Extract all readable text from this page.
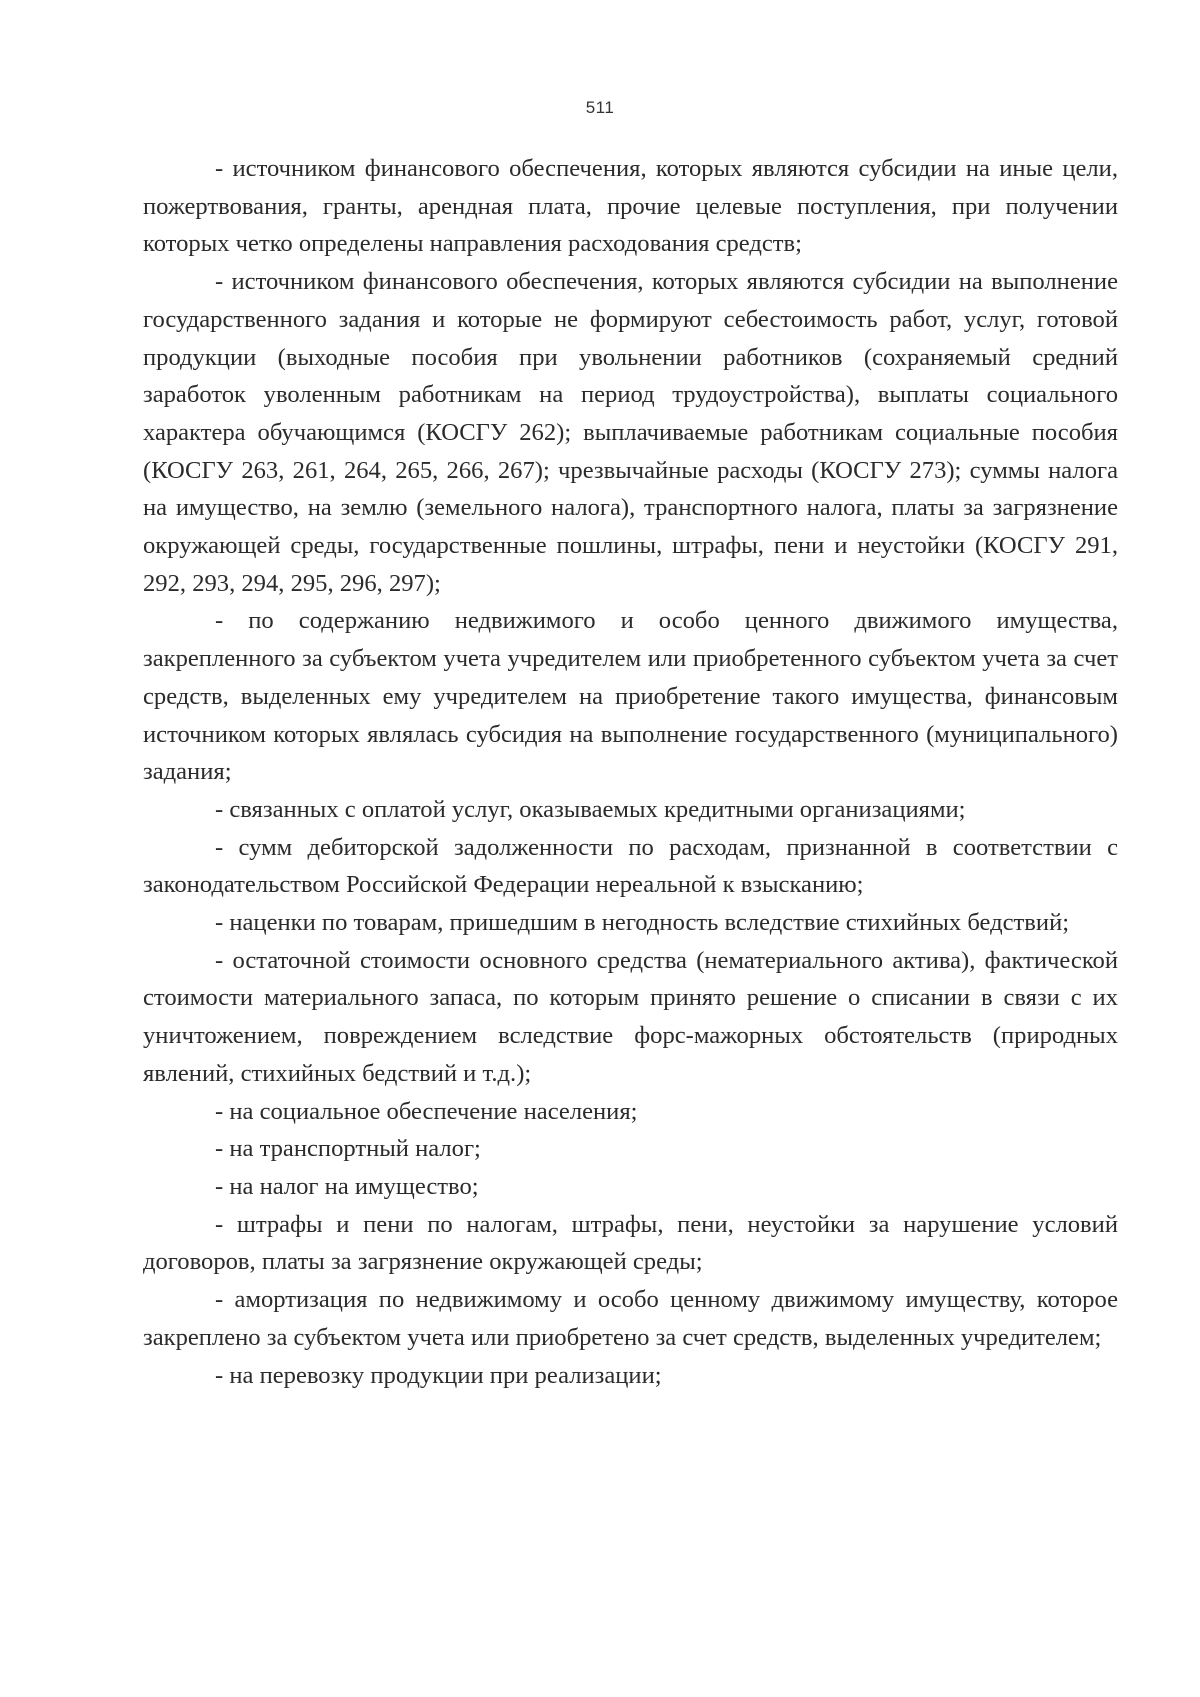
511

- источником финансового обеспечения, которых являются субсидии на иные цели, пожертвования, гранты, арендная плата, прочие целевые поступления, при получении которых четко определены направления расходования средств;

- источником финансового обеспечения, которых являются субсидии на выполнение государственного задания и которые не формируют себестоимость работ, услуг, готовой продукции (выходные пособия при увольнении работников (сохраняемый средний заработок уволенным работникам на период трудоустройства), выплаты социального характера обучающимся (КОСГУ 262); выплачиваемые работникам социальные пособия (КОСГУ 263, 261, 264, 265, 266, 267); чрезвычайные расходы (КОСГУ 273); суммы налога на имущество, на землю (земельного налога), транспортного налога, платы за загрязнение окружающей среды, государственные пошлины, штрафы, пени и неустойки (КОСГУ 291, 292, 293, 294, 295, 296, 297);

- по содержанию недвижимого и особо ценного движимого имущества, закрепленного за субъектом учета учредителем или приобретенного субъектом учета за счет средств, выделенных ему учредителем на приобретение такого имущества, финансовым источником которых являлась субсидия на выполнение государственного (муниципального) задания;

- связанных с оплатой услуг, оказываемых кредитными организациями;

- сумм дебиторской задолженности по расходам, признанной в соответствии с законодательством Российской Федерации нереальной к взысканию;

- наценки по товарам, пришедшим в негодность вследствие стихийных бедствий;

- остаточной стоимости основного средства (нематериального актива), фактической стоимости материального запаса, по которым принято решение о списании в связи с их уничтожением, повреждением вследствие форс-мажорных обстоятельств (природных явлений, стихийных бедствий и т.д.);

- на социальное обеспечение населения;

- на транспортный налог;

- на налог на имущество;

- штрафы и пени по налогам, штрафы, пени, неустойки за нарушение условий договоров, платы за загрязнение окружающей среды;

- амортизация по недвижимому и особо ценному движимому имуществу, которое закреплено за субъектом учета или приобретено за счет средств, выделенных учредителем;

- на перевозку продукции при реализации;
